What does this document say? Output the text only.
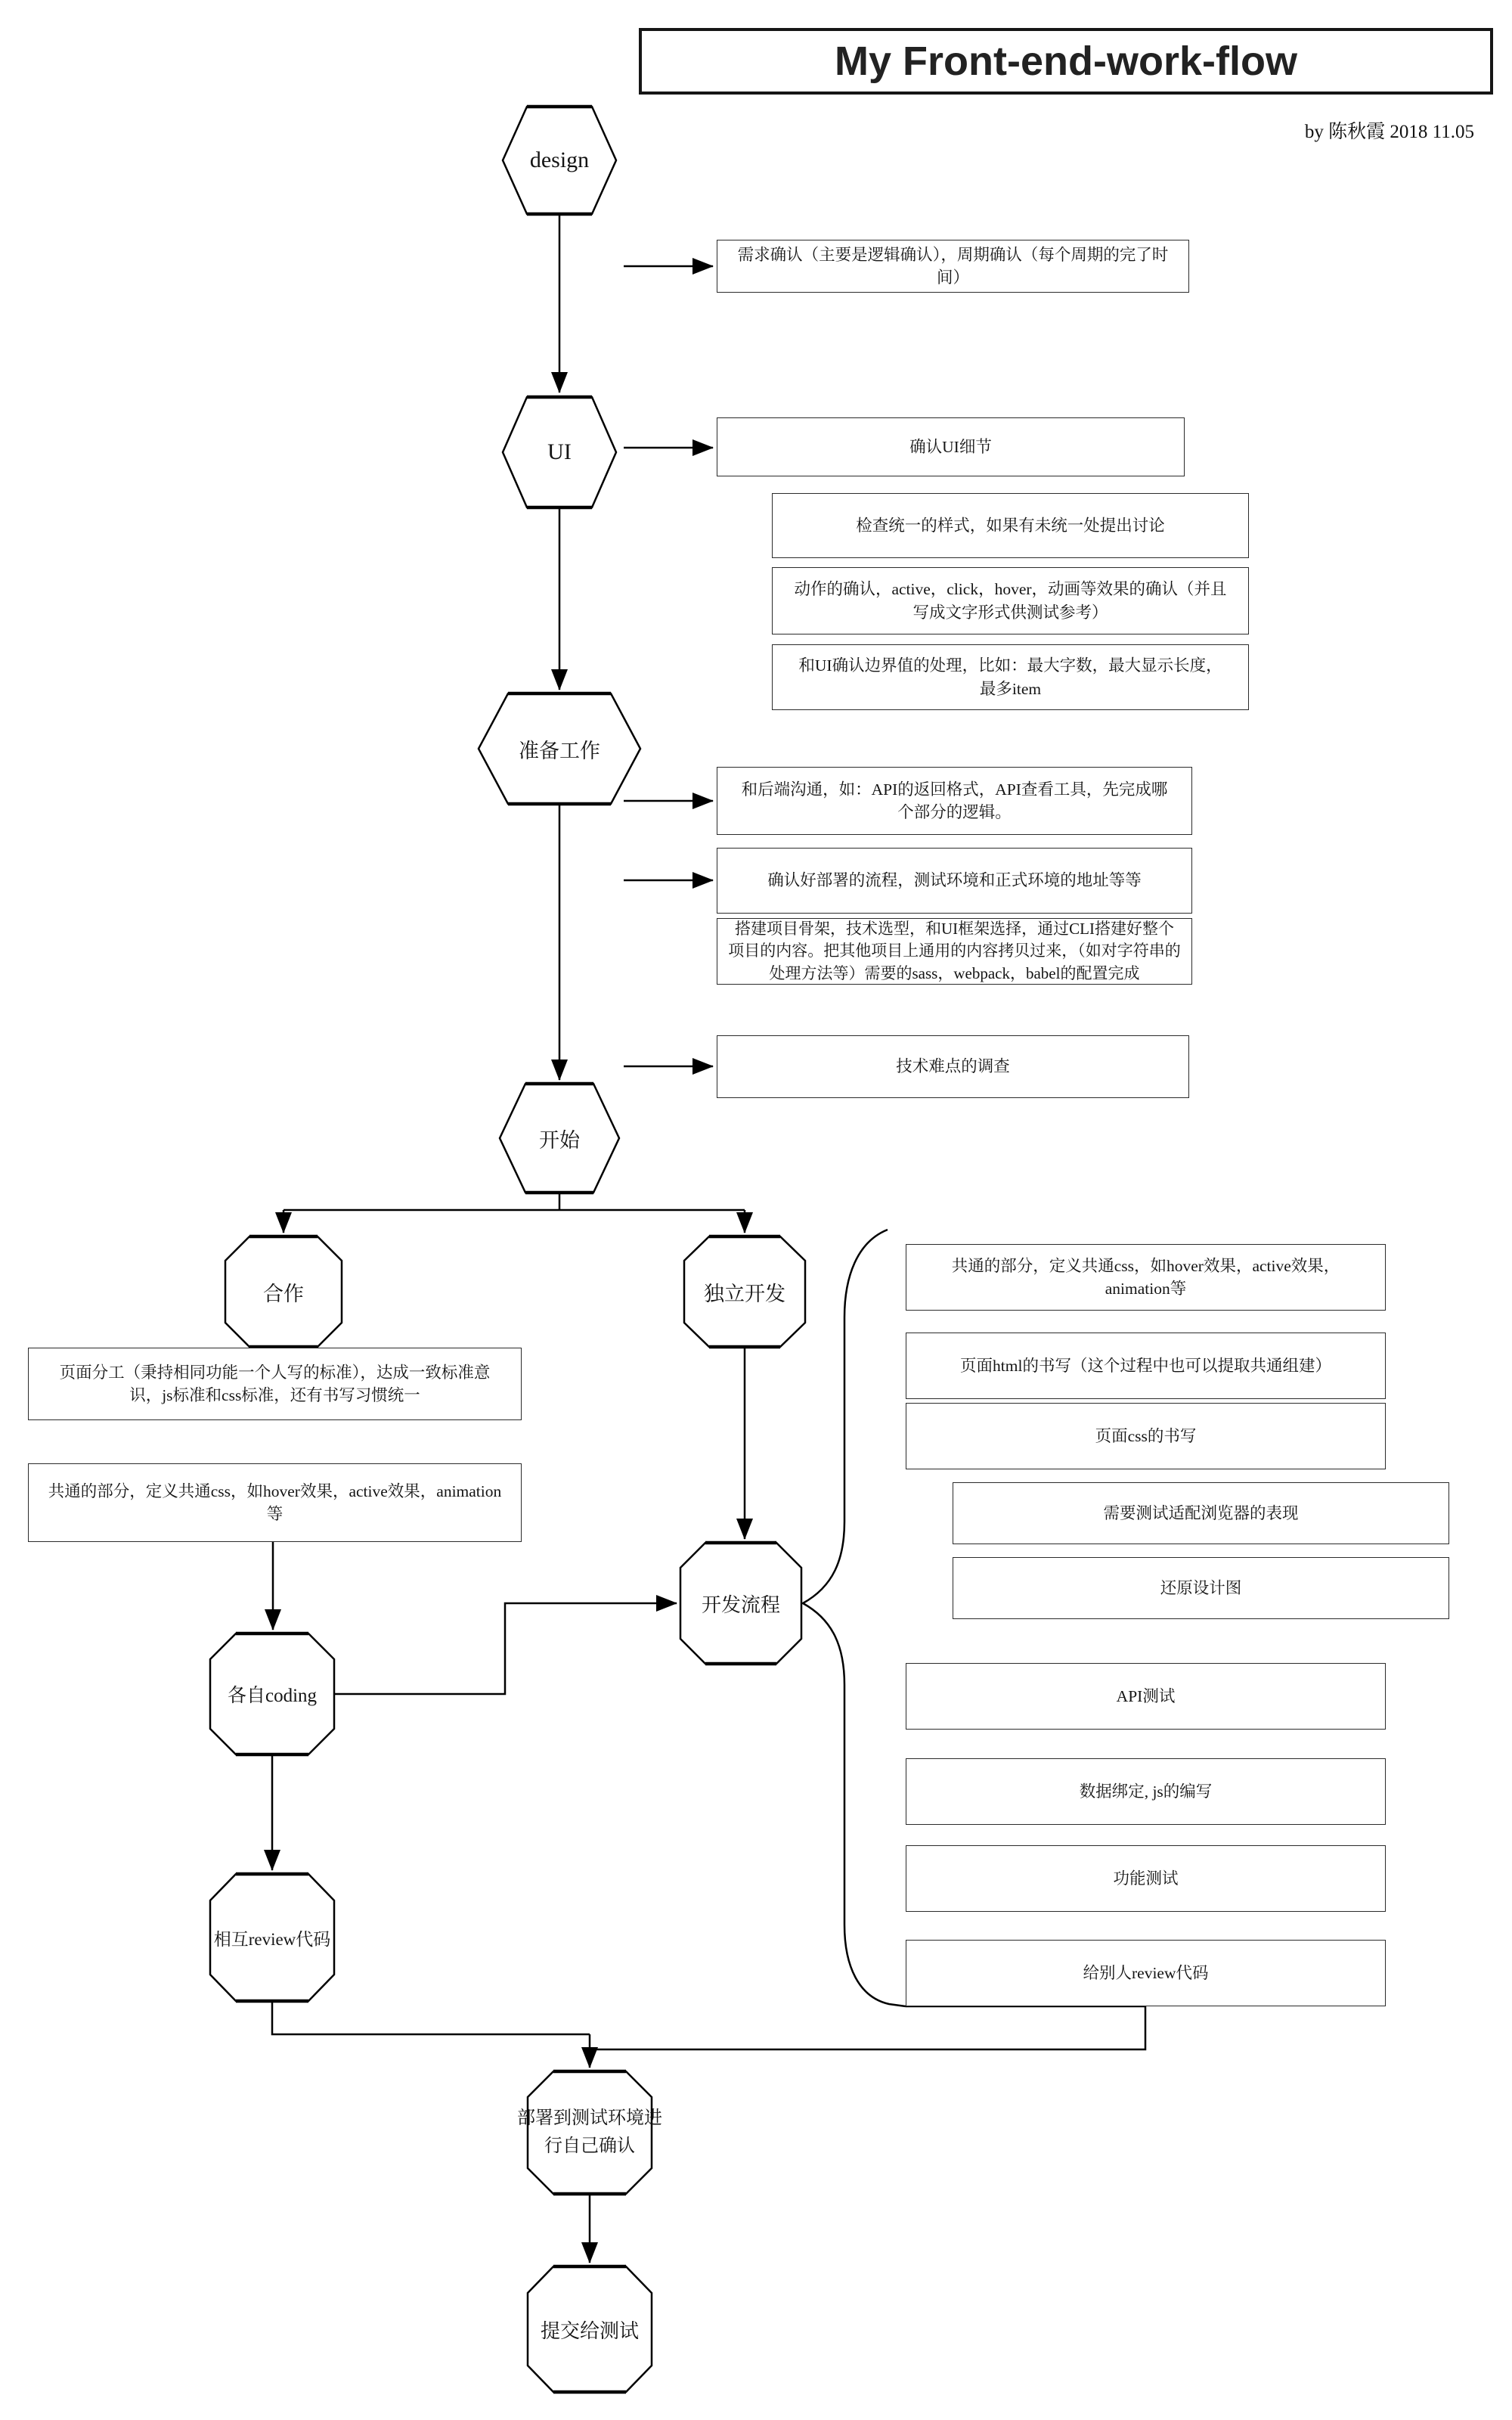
My Front-end-work-flow
by 陈秋霞 2018 11.05
design
UI
准备工作
开始
合作	独立开发
各自coding
相互review代码
开发流程
部署到测试环境进行自己确认
提交给测试
需求确认（主要是逻辑确认），周期确认（每个周期的完了时间）
确认UI细节
检查统一的样式，如果有未统一处提出讨论
动作的确认，active，click，hover，动画等效果的确认（并且写成文字形式供测试参考）
和UI确认边界值的处理，比如：最大字数，最大显示长度，最多item
和后端沟通，如：API的返回格式，API查看工具，先完成哪个部分的逻辑。
确认好部署的流程，测试环境和正式环境的地址等等
搭建项目骨架，技术选型，和UI框架选择，通过CLI搭建好整个项目的内容。把其他项目上通用的内容拷贝过来，（如对字符串的处理方法等）需要的sass，webpack，babel的配置完成
技术难点的调查
页面分工（秉持相同功能一个人写的标准），达成一致标准意识，js标准和css标准，还有书写习惯统一
共通的部分，定义共通css，如hover效果，active效果，animation等
共通的部分，定义共通css，如hover效果，active效果，animation等
页面html的书写（这个过程中也可以提取共通组建）
页面css的书写
需要测试适配浏览器的表现
还原设计图
API测试
数据绑定, js的编写
功能测试
给别人review代码
